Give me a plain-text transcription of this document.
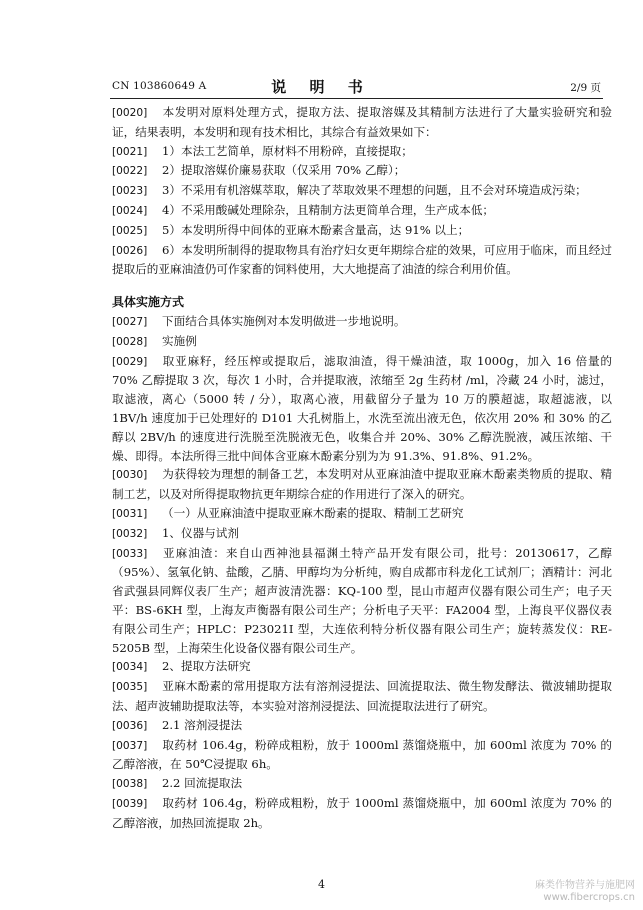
CN 103860649 A	说 明 书	2/9 页

[0020] 本发明对原料处理方式，提取方法、提取溶媒及其精制方法进行了大量实验研究和验证，结果表明，本发明和现有技术相比，其综合有益效果如下：

[0021] 1）本法工艺简单，原材料不用粉碎，直接提取；

[0022] 2）提取溶媒价廉易获取（仅采用 70% 乙醇）；

[0023] 3）不采用有机溶媒萃取，解决了萃取效果不理想的问题，且不会对环境造成污染；

[0024] 4）不采用酸碱处理除杂，且精制方法更简单合理，生产成本低；

[0025] 5）本发明所得中间体的亚麻木酚素含量高，达 91% 以上；

[0026] 6）本发明所制得的提取物具有治疗妇女更年期综合症的效果，可应用于临床，而且经过提取后的亚麻油渣仍可作家畜的饲料使用，大大地提高了油渣的综合利用价值。

具体实施方式

[0027] 下面结合具体实施例对本发明做进一步地说明。

[0028] 实施例

[0029] 取亚麻籽，经压榨或提取后，滤取油渣，得干燥油渣，取 1000g，加入 16 倍量的 70% 乙醇提取 3 次，每次 1 小时，合并提取液，浓缩至 2g 生药材 /ml，冷藏 24 小时，滤过，取滤液，离心（5000 转 / 分），取离心液，用截留分子量为 10 万的膜超滤，取超滤液，以 1BV/h 速度加于已处理好的 D101 大孔树脂上，水洗至流出液无色，依次用 20% 和 30% 的乙醇以 2BV/h 的速度进行洗脱至洗脱液无色，收集合并 20%、30% 乙醇洗脱液，减压浓缩、干燥、即得。本法所得三批中间体含亚麻木酚素分别为为 91.3%、91.8%、91.2%。

[0030] 为获得较为理想的制备工艺，本发明对从亚麻油渣中提取亚麻木酚素类物质的提取、精制工艺，以及对所得提取物抗更年期综合症的作用进行了深入的研究。

[0031] （一）从亚麻油渣中提取亚麻木酚素的提取、精制工艺研究

[0032] 1、仪器与试剂

[0033] 亚麻油渣：来自山西神池县福渊土特产品开发有限公司，批号：20130617，乙醇（95%）、氢氧化钠、盐酸，乙腈、甲醇均为分析纯，购自成都市科龙化工试剂厂；酒精计：河北省武强县同辉仪表厂生产；超声波清洗器：KQ-100 型，昆山市超声仪器有限公司生产；电子天平：BS-6KH 型，上海友声衡器有限公司生产；分析电子天平：FA2004 型，上海良平仪器仪表有限公司生产；HPLC：P23021I 型，大连依利特分析仪器有限公司生产；旋转蒸发仪：RE-5205B 型，上海荣生化设备仪器有限公司生产。

[0034] 2、提取方法研究

[0035] 亚麻木酚素的常用提取方法有溶剂浸提法、回流提取法、微生物发酵法、微波辅助提取法、超声波辅助提取法等，本实验对溶剂浸提法、回流提取法进行了研究。

[0036] 2.1 溶剂浸提法

[0037] 取药材 106.4g，粉碎成粗粉，放于 1000ml 蒸馏烧瓶中，加 600ml 浓度为 70% 的乙醇溶液，在 50℃浸提取 6h。

[0038] 2.2 回流提取法

[0039] 取药材 106.4g，粉碎成粗粉，放于 1000ml 蒸馏烧瓶中，加 600ml 浓度为 70% 的乙醇溶液，加热回流提取 2h。

4	麻类作物营养与施肥网
www.fibercrops.cn
